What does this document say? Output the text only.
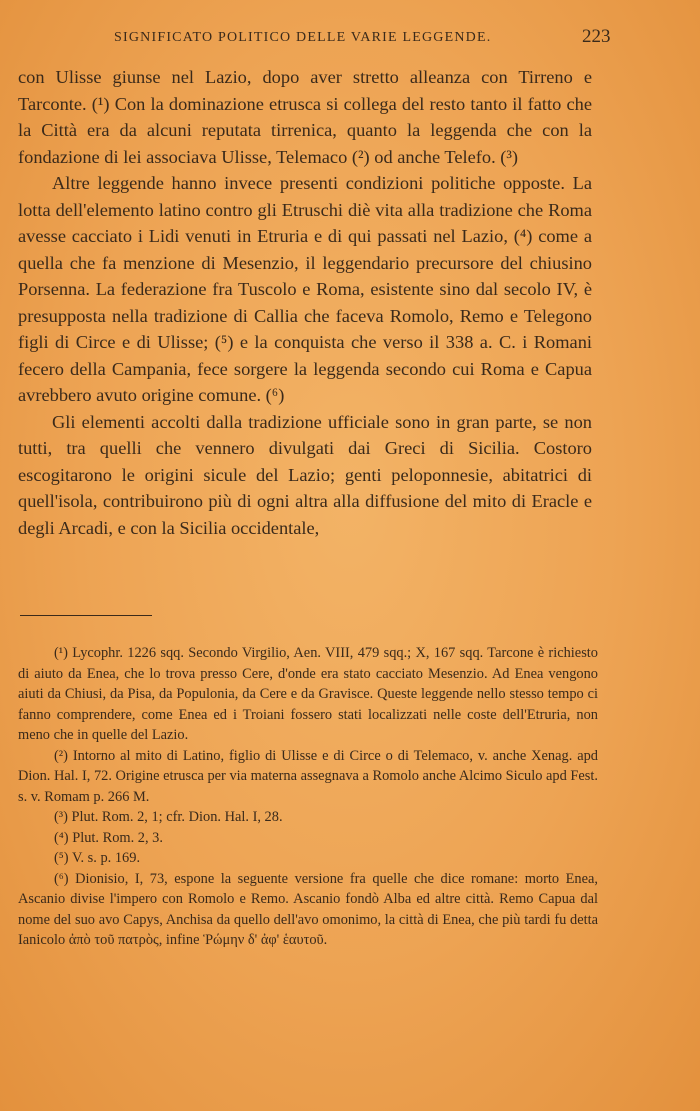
SIGNIFICATO POLITICO DELLE VARIE LEGGENDE.	223

con Ulisse giunse nel Lazio, dopo aver stretto alleanza con Tirreno e Tarconte. (¹) Con la dominazione etrusca si collega del resto tanto il fatto che la Città era da alcuni reputata tirrenica, quanto la leggenda che con la fondazione di lei associava Ulisse, Telemaco (²) od anche Telefo. (³)

Altre leggende hanno invece presenti condizioni politiche opposte. La lotta dell'elemento latino contro gli Etruschi diè vita alla tradizione che Roma avesse cacciato i Lidi venuti in Etruria e di qui passati nel Lazio, (⁴) come a quella che fa menzione di Mesenzio, il leggendario precursore del chiusino Porsenna. La federazione fra Tuscolo e Roma, esistente sino dal secolo IV, è presupposta nella tradizione di Callia che faceva Romolo, Remo e Telegono figli di Circe e di Ulisse; (⁵) e la conquista che verso il 338 a. C. i Romani fecero della Campania, fece sorgere la leggenda secondo cui Roma e Capua avrebbero avuto origine comune. (⁶)

Gli elementi accolti dalla tradizione ufficiale sono in gran parte, se non tutti, tra quelli che vennero divulgati dai Greci di Sicilia. Costoro escogitarono le origini sicule del Lazio; genti peloponnesie, abitatrici di quell'isola, contribuirono più di ogni altra alla diffusione del mito di Eracle e degli Arcadi, e con la Sicilia occidentale,

(¹) Lycophr. 1226 sqq. Secondo Virgilio, Aen. VIII, 479 sqq.; X, 167 sqq. Tarcone è richiesto di aiuto da Enea, che lo trova presso Cere, d'onde era stato cacciato Mesenzio. Ad Enea vengono aiuti da Chiusi, da Pisa, da Populonia, da Cere e da Gravisce. Queste leggende nello stesso tempo ci fanno comprendere, come Enea ed i Troiani fossero stati localizzati nelle coste dell'Etruria, non meno che in quelle del Lazio.

(²) Intorno al mito di Latino, figlio di Ulisse e di Circe o di Telemaco, v. anche Xenag. apd Dion. Hal. I, 72. Origine etrusca per via materna assegnava a Romolo anche Alcimo Siculo apd Fest. s. v. Romam p. 266 M.

(³) Plut. Rom. 2, 1; cfr. Dion. Hal. I, 28.

(⁴) Plut. Rom. 2, 3.

(⁵) V. s. p. 169.

(⁶) Dionisio, I, 73, espone la seguente versione fra quelle che dice romane: morto Enea, Ascanio divise l'impero con Romolo e Remo. Ascanio fondò Alba ed altre città. Remo Capua dal nome del suo avo Capys, Anchisa da quello dell'avo omonimo, la città di Enea, che più tardi fu detta Ianicolo ἀπὸ τοῦ πατρὸς, infine Ῥώμην δ' ἀφ' ἑαυτοῦ.
